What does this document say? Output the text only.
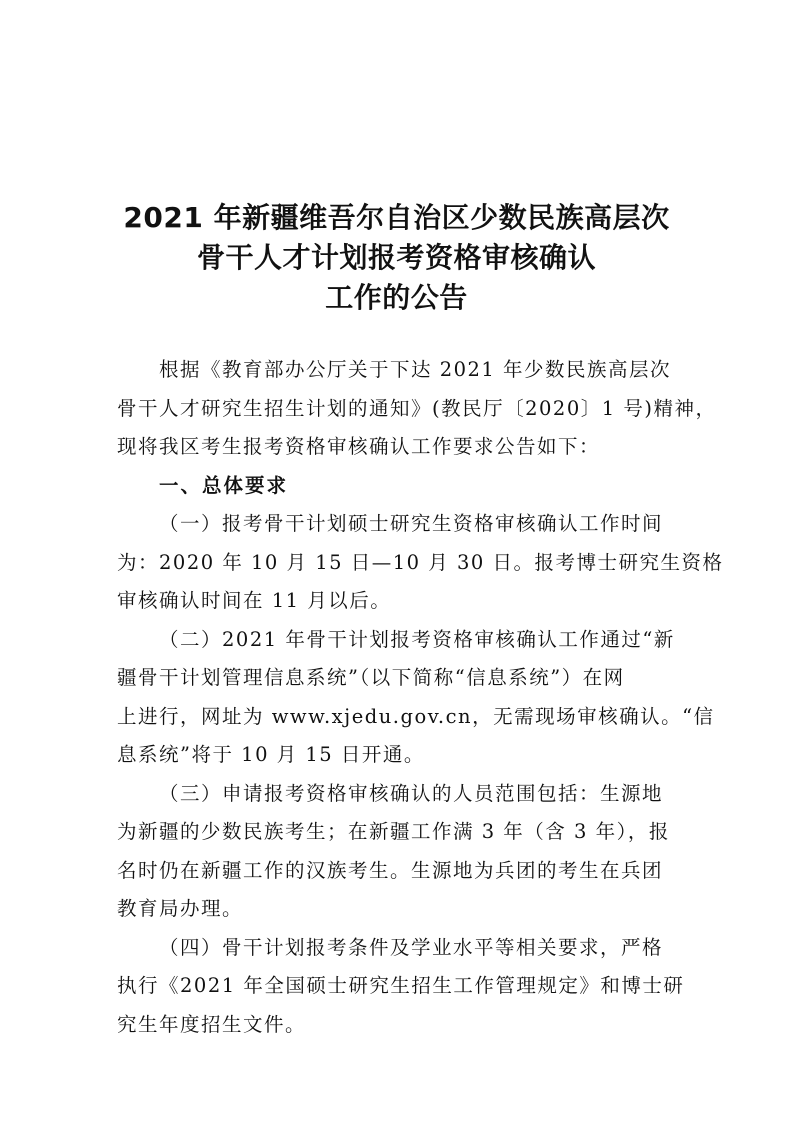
2021 年新疆维吾尔自治区少数民族高层次
骨干人才计划报考资格审核确认
工作的公告
根据《教育部办公厅关于下达 2021 年少数民族高层次
骨干人才研究生招生计划的通知》(教民厅〔2020〕1 号)精神，
现将我区考生报考资格审核确认工作要求公告如下：
一、总体要求
（一）报考骨干计划硕士研究生资格审核确认工作时间
为：2020 年 10 月 15 日—10 月 30 日。报考博士研究生资格
审核确认时间在 11 月以后。
（二）2021 年骨干计划报考资格审核确认工作通过“新
疆骨干计划管理信息系统”（以下简称“信息系统”）在网
上进行，网址为 www.xjedu.gov.cn，无需现场审核确认。“信
息系统”将于 10 月 15 日开通。
（三）申请报考资格审核确认的人员范围包括：生源地
为新疆的少数民族考生；在新疆工作满 3 年（含 3 年），报
名时仍在新疆工作的汉族考生。生源地为兵团的考生在兵团
教育局办理。
（四）骨干计划报考条件及学业水平等相关要求，严格
执行《2021 年全国硕士研究生招生工作管理规定》和博士研
究生年度招生文件。
